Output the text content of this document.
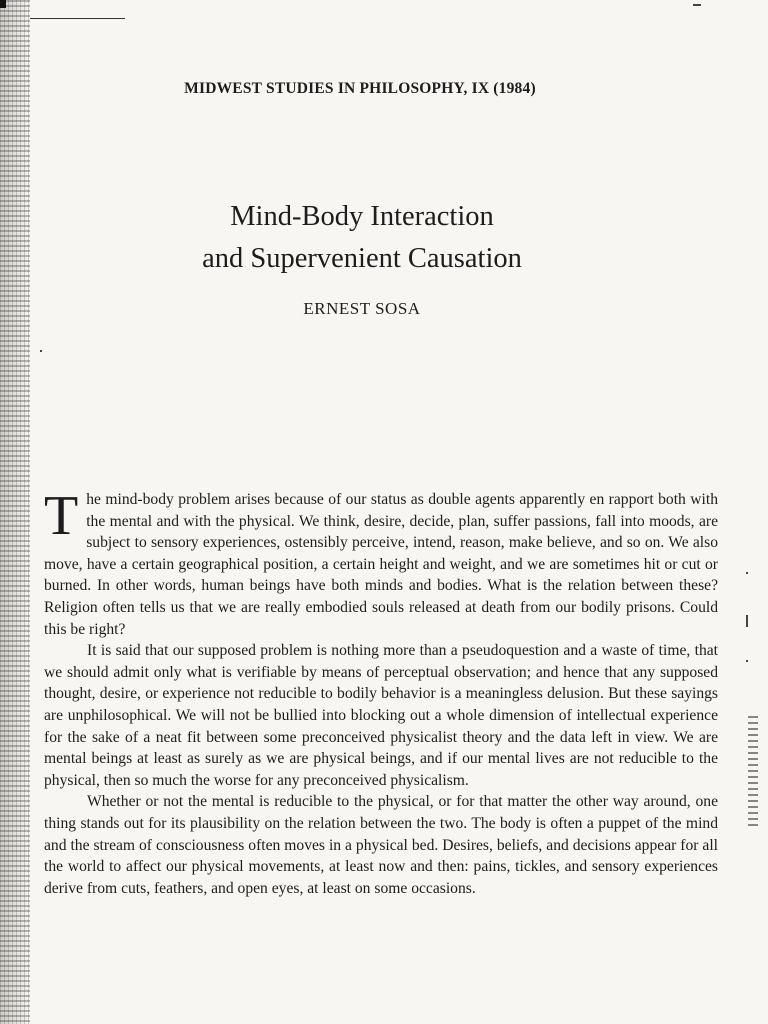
MIDWEST STUDIES IN PHILOSOPHY, IX (1984)
Mind-Body Interaction
and Supervenient Causation
ERNEST SOSA

The mind-body problem arises because of our status as double agents apparently en rapport both with the mental and with the physical. We think, desire, decide, plan, suffer passions, fall into moods, are subject to sensory experiences, ostensibly perceive, intend, reason, make believe, and so on. We also move, have a certain geographical position, a certain height and weight, and we are sometimes hit or cut or burned. In other words, human beings have both minds and bodies. What is the relation between these? Religion often tells us that we are really embodied souls released at death from our bodily prisons. Could this be right?

It is said that our supposed problem is nothing more than a pseudoquestion and a waste of time, that we should admit only what is verifiable by means of perceptual observation; and hence that any supposed thought, desire, or experience not reducible to bodily behavior is a meaningless delusion. But these sayings are unphilosophical. We will not be bullied into blocking out a whole dimension of intellectual experience for the sake of a neat fit between some preconceived physicalist theory and the data left in view. We are mental beings at least as surely as we are physical beings, and if our mental lives are not reducible to the physical, then so much the worse for any preconceived physicalism.

Whether or not the mental is reducible to the physical, or for that matter the other way around, one thing stands out for its plausibility on the relation between the two. The body is often a puppet of the mind and the stream of consciousness often moves in a physical bed. Desires, beliefs, and decisions appear for all the world to affect our physical movements, at least now and then: pains, tickles, and sensory experiences derive from cuts, feathers, and open eyes, at least on some occasions.
